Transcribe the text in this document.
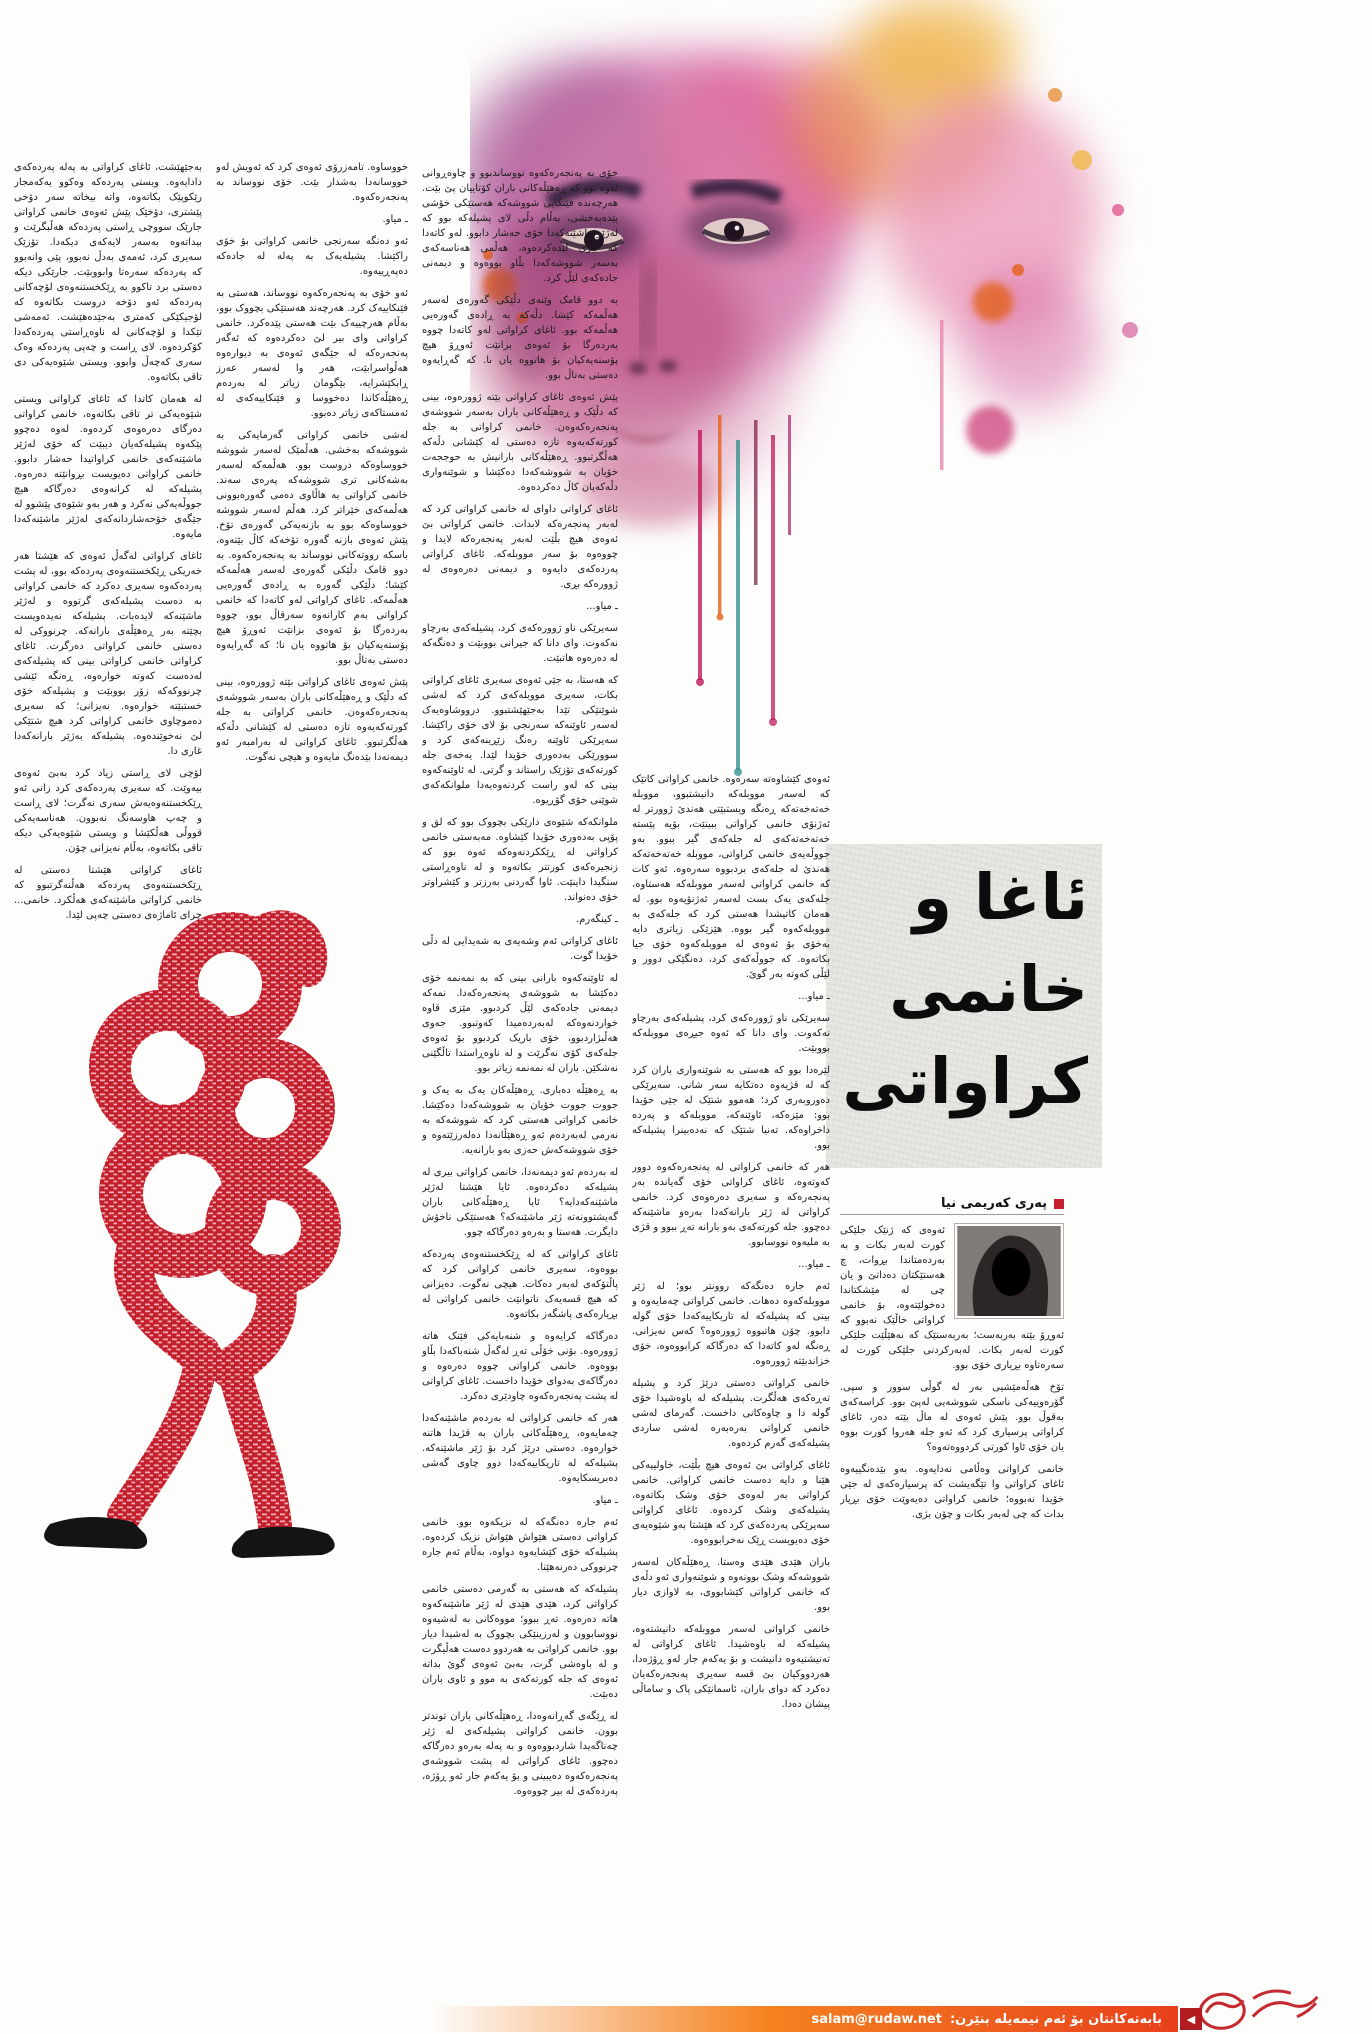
ئاغا و
خانمی
کراواتی

به‌جێهێشت، ئاغای کراواتی به په‌له په‌رده‌که‌ی دادایه‌وه. ویستی په‌رده‌که وه‌کوو یه‌که‌مجار رێکوپێک بکاته‌وه، واته بیخاته سه‌ر دۆخی پێشتری، دۆخێک پێش ئه‌وه‌ی خانمی کراواتی جارێک سووچی ڕاستی په‌رده‌که هه‌ڵبگرێت و بیداته‌وه به‌سه‌ر لایه‌که‌ی دیکه‌دا. تۆزێک سه‌یری کرد، ئه‌مه‌ی به‌دڵ نه‌بوو، پێی وانه‌بوو که په‌رده‌که سه‌ره‌تا وابووبێت. جارێکی دیکه ده‌ستی برد تاکوو به ڕێکخستنه‌وه‌ی لۆچه‌کانی په‌رده‌که ئه‌و دۆخه دروست بکاته‌وه که لۆجیکێکی که‌متری به‌جێده‌هێشت. ئه‌مه‌شی تێکدا و لۆچه‌کانی له ناوه‌ڕاستی په‌رده‌که‌دا کۆکرده‌وه. لای ڕاست و چه‌پی په‌رده‌که وه‌ک سه‌ری که‌چه‌ڵ وابوو. ویستی شێوه‌یه‌کی دی تاقی بکاته‌وه.

له هه‌مان کاتدا که ئاغای کراواتی ویستی شێوه‌یه‌کی تر تاقی بکاته‌وه، خانمی کراواتی ده‌رگای ده‌ره‌وه‌ی کرده‌وه. له‌وه ده‌چوو پێکه‌وه پشیله‌که‌یان دیبێت که خۆی له‌ژێر ماشێنه‌که‌ی خانمی کراواتیدا حه‌شار دابوو. خانمی کراواتی ده‌یویست بڕوانێته ده‌ره‌وه. پشیله‌که له کرانه‌وه‌ی ده‌رگاکه هیچ جووڵه‌یه‌کی نه‌کرد و هه‌ر به‌و شێوه‌ی پێشوو له جێگه‌ی خۆحه‌شاردانه‌که‌ی له‌ژێر ماشێنه‌که‌دا مایه‌وه.

ئاغای کراواتی له‌گه‌ڵ ئه‌وه‌ی که هێشتا هه‌ر خه‌ریکی ڕێکخستنه‌وه‌ی په‌رده‌که بوو، له پشت په‌رده‌که‌وه سه‌یری ده‌کرد که خانمی کراواتی به ده‌ست پشیله‌که‌ی گرتووه و له‌ژێر ماشێنه‌که لایده‌بات. پشیله‌که نه‌یده‌ویست بچێته به‌ر ڕه‌هێڵه‌ی بارانه‌که. چرنووکی له ده‌ستی خانمی کراواتی ده‌رگرت. ئاغای کراواتی خانمی کراواتی بینی که پشیله‌که‌ی له‌ده‌ست که‌وته خواره‌وه، ڕه‌نگه ئێشی چرنووکه‌که زۆر بووبێت و پشیله‌که خۆی خستبێته خواره‌وه. نه‌یزانی؛ که سه‌یری ده‌موچاوی خانمی کراواتی کرد هیچ شتێکی لێ نه‌خوێنده‌وه. پشیله‌که به‌ژێر بارانه‌که‌دا غاری دا.

لۆچی لای ڕاستی زیاد کرد به‌بێ ئه‌وه‌ی بیه‌وێت. که سه‌یری په‌رده‌که‌ی کرد زانی ئه‌و ڕێکخستنه‌وه‌یه‌ش سه‌ری نه‌گرت؛ لای ڕاست و چه‌پ هاوسه‌نگ نه‌بوون. هه‌ناسه‌یه‌کی قووڵی هه‌ڵکێشا و ویستی شێوه‌یه‌کی دیکه تاقی بکاته‌وه، به‌ڵام نه‌یزانی چۆن.

ئاغای کراواتی هێشتا ده‌ستی له ڕێکخستنه‌وه‌ی په‌رده‌که هه‌ڵنه‌گرتبوو که خانمی کراواتی ماشێنه‌که‌ی هه‌ڵکرد. خانمی... چرای ئاماژه‌ی ده‌ستی چه‌پی لێدا.

خووساوه. تامه‌زرۆی ئه‌وه‌ی کرد که ئه‌ویش له‌و خووسانه‌دا به‌شدار بێت. خۆی نووساند به په‌نجه‌ره‌که‌وه.

ـ میاو.

ئه‌و ده‌نگه سه‌رنجی خانمی کراواتی بۆ خۆی راکێشا. پشیله‌یه‌ک به په‌له له جاده‌که ده‌په‌ڕییه‌وه.

ئه‌و خۆی به په‌نجه‌ره‌که‌وه نووساند، هه‌ستی به فێنکاییه‌ک کرد. هه‌رچه‌ند هه‌ستێکی بچووک بوو، به‌ڵام هه‌رچییه‌ک بێت هه‌ستی پێده‌کرد. خانمی کراواتی وای بیر لێ ده‌کرده‌وه که ئه‌گه‌ر په‌نجه‌ره‌که له جێگه‌ی ئه‌وه‌ی به دیواره‌وه هه‌ڵواسرابێت، هه‌ر وا له‌سه‌ر عه‌رز ڕابکێشرایه، بێگومان زیاتر له به‌رده‌م ڕه‌هێڵه‌کاندا ده‌خووسا و فێنکاییه‌که‌ی له ئه‌مستاکه‌ی زیاتر ده‌بوو.

له‌شی خانمی کراواتی گه‌رمایه‌کی به شووشه‌که به‌خشی. هه‌ڵمێک له‌سه‌ر شووشه خووساوه‌که دروست بوو. هه‌ڵمه‌که له‌سه‌ر به‌شه‌کانی تری شووشه‌که په‌ره‌ی سه‌ند. خانمی کراواتی به هاڵاوی ده‌می گه‌وره‌بوونی هه‌ڵمه‌که‌ی خێراتر کرد. هه‌ڵم له‌سه‌ر شووشه خووساوه‌که بوو به بازنه‌یه‌کی گه‌وره‌ی تۆخ. پێش ئه‌وه‌ی بازنه گه‌وره تۆخه‌که کاڵ بێته‌وه، باسکه رووته‌کانی نووساند به په‌نجه‌ره‌که‌وه. به دوو قامک دڵێکی گه‌وره‌ی له‌سه‌ر هه‌ڵمه‌که کێشا؛ دڵێکی گه‌وره به ڕاده‌ی گه‌وره‌یی هه‌ڵمه‌که. ئاغای کراواتی له‌و کاته‌دا که خانمی کراواتی به‌م کارانه‌وه سه‌رقاڵ بوو، چووه به‌رده‌رگا بۆ ئه‌وه‌ی بزانێت ئه‌وڕۆ هیچ پۆسته‌یه‌کیان بۆ هاتووه یان نا؛ که گه‌ڕایه‌وه ده‌ستی به‌تاڵ بوو.

پێش ئه‌وه‌ی ئاغای کراواتی بێته ژووره‌وه، بینی که دڵێک و ڕه‌هێڵه‌کانی باران به‌سه‌ر شووشه‌ی په‌نجه‌ره‌که‌وه‌ن. خانمی کراواتی به جله کورته‌که‌یه‌وه تازه ده‌ستی له کێشانی دڵه‌که هه‌ڵگرتبوو. ئاغای کراواتی له به‌رامبه‌ر ئه‌و دیمه‌نه‌دا بێده‌نگ مایه‌وه و هیچی نه‌گوت.

خۆی به په‌نجه‌ره‌که‌وه نووساندبوو و چاوه‌ڕوانی ئه‌وه بوو که ڕه‌هێڵه‌کانی باران کۆتاییان پێ بێت. هه‌رچه‌نده فێنکایی شووشه‌که هه‌ستێکی خۆشی پێده‌به‌خشی، به‌ڵام دڵی لای پشیله‌که بوو که له‌ژێر ماشێنه‌که‌دا خۆی حه‌شار دابوو. له‌و کاته‌دا که بیری لێده‌کرده‌وه، هه‌ڵمی هه‌ناسه‌که‌ی به‌سه‌ر شووشه‌که‌دا بڵاو بووه‌وه و دیمه‌نی جاده‌که‌ی لێڵ کرد.

به دوو قامک وێنه‌ی دڵێکی گه‌وره‌ی له‌سه‌ر هه‌ڵمه‌که کێشا. دڵه‌که به ڕاده‌ی گه‌وره‌یی هه‌ڵمه‌که بوو. ئاغای کراواتی له‌و کاته‌دا چووه به‌رده‌رگا بۆ ئه‌وه‌ی بزانێت ئه‌وڕۆ هیچ پۆسته‌یه‌کیان بۆ هاتووه یان نا. که گه‌ڕایه‌وه ده‌ستی به‌تاڵ بوو.

پێش ئه‌وه‌ی ئاغای کراواتی بێته ژووره‌وه، بینی که دڵێک و ڕه‌هێڵه‌کانی باران به‌سه‌ر شووشه‌ی په‌نجه‌ره‌که‌وه‌ن. خانمی کراواتی به جله کورته‌که‌یه‌وه تازه ده‌ستی له کێشانی دڵه‌که هه‌ڵگرتبوو. ڕه‌هێڵه‌کانی بارانیش به حوججه‌ت خۆیان به شووشه‌که‌دا ده‌کێشا و شوێنه‌واری دڵه‌که‌یان کاڵ ده‌کرده‌وه.

ئاغای کراواتی داوای له خانمی کراواتی کرد که له‌به‌ر په‌نجه‌ره‌که لابدات. خانمی کراواتی بێ ئه‌وه‌ی هیچ بڵێت له‌به‌ر په‌نجه‌ره‌که لایدا و چووه‌وه بۆ سه‌ر مووبله‌که. ئاغای کراواتی په‌رده‌که‌ی دایه‌وه و دیمه‌نی ده‌ره‌وه‌ی له ژووره‌که بڕی.

ـ میاو...

سه‌یرێکی ناو ژووره‌که‌ی کرد، پشیله‌که‌ی به‌رچاو نه‌که‌وت. وای دانا که جیرانی بووبێت و ده‌نگه‌که له ده‌ره‌وه هاتبێت.

که هه‌ستا، به جێی ئه‌وه‌ی سه‌یری ئاغای کراواتی بکات، سه‌یری مووبله‌که‌ی کرد که له‌شی شوێنێکی تێدا به‌جێهێشتبوو. درووشاوه‌یه‌ک له‌سه‌ر ئاوێنه‌که سه‌رنجی بۆ لای خۆی راکێشا. سه‌یرێکی ئاوێنه ره‌نگ زێڕینه‌که‌ی کرد و سوورێکی به‌ده‌وری خۆیدا لێدا. یه‌خه‌ی جله کورته‌که‌ی تۆزێک راستاند و گرتی. له ئاوێنه‌که‌وه بینی که له‌و راست کردنه‌وه‌یه‌دا ملوانکه‌که‌ی شوێنی خۆی گۆڕیوه.

ملوانکه‌که شێوه‌ی دارێکی بچووک بوو که لق و پۆپی به‌ده‌وری خۆیدا کێشاوه. مه‌به‌ستی خانمی کراواتی له ڕێککردنه‌وه‌که ئه‌وه بوو که زنجیره‌که‌ی کورتتر بکاته‌وه و له ناوه‌ڕاستی سنگیدا داینێت. ئاوا گه‌ردنی به‌رزتر و کێشراوتر خۆی ده‌نواند.

ـ کینگه‌رم.

ئاغای کراواتی ئه‌م وشه‌یه‌ی به شه‌یدایی له دڵی خۆیدا گوت.

له ئاوێنه‌که‌وه بارانی بینی که به نمه‌نمه خۆی ده‌کێشا به شووشه‌ی په‌نجه‌ره‌که‌دا. نمه‌که دیمه‌نی جاده‌که‌ی لێڵ کردبوو. مێزی قاوه خواردنه‌وه‌که له‌به‌رده‌میدا که‌وتبوو. جه‌وی هه‌ڵبژاردبوو، خۆی باریک کردبوو بۆ ئه‌وه‌ی جله‌که‌ی کۆی نه‌گرێت و له ناوه‌ڕاستدا تاڵگێنی نه‌شکێن. باران له نمه‌نمه زیاتر بوو.

به ڕه‌هێڵه ده‌باری. ڕه‌هێڵه‌کان یه‌ک به یه‌ک و جووت جووت خۆیان به شووشه‌که‌دا ده‌کێشا. خانمی کراواتی هه‌ستی کرد که شووشه‌که به نه‌رمی له‌به‌رده‌م ئه‌و ڕه‌هێڵانه‌دا ده‌له‌رزێته‌وه و خۆی شووشه‌که‌ش حه‌زی به‌و بارانه‌یه.

له به‌رده‌م ئه‌و دیمه‌نه‌دا، خانمی کراواتی بیری له پشیله‌که ده‌کرده‌وه. ئایا هێشتا له‌ژێر ماشێنه‌که‌دایه؟ ئایا ڕه‌هێڵه‌کانی باران گه‌یشتوونه‌ته ژێر ماشێنه‌که؟ هه‌ستێکی ناخۆش دایگرت. هه‌ستا و به‌ره‌و ده‌رگاکه چوو.

ئاغای کراواتی که له ڕێکخستنه‌وه‌ی په‌رده‌که بووه‌وه، سه‌یری خانمی کراواتی کرد که پاڵتۆکه‌ی له‌به‌ر ده‌کات. هیچی نه‌گوت. ده‌یزانی که هیچ قسه‌یه‌ک ناتوانێت خانمی کراواتی له بڕیاره‌که‌ی پاشگه‌ز بکاته‌وه.

ده‌رگاکه کرایه‌وه و شنه‌بایه‌کی فێنک هاته ژووره‌وه. بۆنی خۆڵی ته‌ڕ له‌گه‌ڵ شنه‌باکه‌دا بڵاو بووه‌وه. خانمی کراواتی چووه ده‌ره‌وه و ده‌رگاکه‌ی به‌دوای خۆیدا داخست. ئاغای کراواتی له پشت په‌نجه‌ره‌که‌وه چاودێری ده‌کرد.

هه‌ر که خانمی کراواتی له به‌رده‌م ماشێنه‌که‌دا چه‌مایه‌وه، ڕه‌هێڵه‌کانی باران به قژیدا هاتنه خواره‌وه. ده‌ستی درێژ کرد بۆ ژێر ماشێنه‌که. پشیله‌که له تاریکاییه‌که‌دا دوو چاوی گه‌شی ده‌بریسکایه‌وه.

ـ میاو.

ئه‌م جاره ده‌نگه‌که له نزیکه‌وه بوو. خانمی کراواتی ده‌ستی هێواش هێواش نزیک کرده‌وه. پشیله‌که خۆی کێشایه‌وه دواوه، به‌ڵام ئه‌م جاره چرنووکی ده‌رنه‌هێنا.

پشیله‌که که هه‌ستی به گه‌رمی ده‌ستی خانمی کراواتی کرد، هێدی هێدی له ژێر ماشێنه‌که‌وه هاته ده‌ره‌وه. ته‌ڕ ببوو؛ مووه‌کانی به له‌شیه‌وه نووسابوون و له‌رزینێکی بچووک به له‌شیدا دیار بوو. خانمی کراواتی به هه‌ردوو ده‌ست هه‌ڵیگرت و له باوه‌شی گرت، به‌بێ ئه‌وه‌ی گوێ بداته ئه‌وه‌ی که جله کورته‌که‌ی به موو و ئاوی باران ده‌بێت.

له ڕێگه‌ی گه‌ڕانه‌وه‌دا، ڕه‌هێڵه‌کانی باران توندتر بوون. خانمی کراواتی پشیله‌که‌ی له ژێر چه‌ناگه‌یدا شاردبووه‌وه و به په‌له به‌ره‌و ده‌رگاکه ده‌چوو. ئاغای کراواتی له پشت شووشه‌ی په‌نجه‌ره‌که‌وه ده‌یبینی و بۆ یه‌که‌م جار ئه‌و ڕۆژه، په‌رده‌که‌ی له بیر چووه‌وه.

ئه‌وه‌ی کێشاوه‌ته سه‌ره‌وه. خانمی کراواتی کاتێک که له‌سه‌ر مووبله‌که دانیشتبوو، مووبله خه‌ته‌خه‌ته‌که ڕه‌نگه ویستبێتی هه‌ندێ ژوورتر له ئه‌ژنۆی خانمی کراواتی ببینێت، بۆیه پێسته خه‌ته‌خه‌ته‌که‌ی له جله‌که‌ی گیر ببوو. به‌و جووڵه‌یه‌ی خانمی کراواتی، مووبله خه‌ته‌خه‌ته‌که هه‌ندێ له جله‌که‌ی بردبووه سه‌ره‌وه. ئه‌و کات که خانمی کراواتی له‌سه‌ر مووبله‌که هه‌ستاوه، جله‌که‌ی یه‌ک بست له‌سه‌ر ئه‌ژنۆیه‌وه بوو. له هه‌مان کاتیشدا هه‌ستی کرد که جله‌که‌ی به مووبله‌که‌وه گیر بووه. هێزێکی زیاتری دایه به‌خۆی بۆ ئه‌وه‌ی له مووبله‌که‌وه خۆی جیا بکاته‌وه. که جووڵه‌که‌ی کرد، ده‌نگێکی دوور و لێڵی که‌وته به‌ر گوێ.

ـ میاو...

سه‌یرێکی ناو ژووره‌که‌ی کرد، پشیله‌که‌ی به‌رچاو نه‌که‌وت. وای دانا که ئه‌وه جیڕه‌ی مووبله‌که بووبێت.

لێره‌دا بوو که هه‌ستی به شوێنه‌واری باران کرد که له قژیه‌وه ده‌تکایه سه‌ر شانی. سه‌یرێکی ده‌وروبه‌ری کرد؛ هه‌موو شتێک له جێی خۆیدا بوو: مێزه‌که، ئاوێنه‌که، مووبله‌که و په‌رده داخراوه‌که. ته‌نیا شتێک که نه‌ده‌بینرا پشیله‌که بوو.

هه‌ر که خانمی کراواتی له په‌نجه‌ره‌که‌وه دوور که‌وته‌وه، ئاغای کراواتی خۆی گه‌یانده به‌ر په‌نجه‌ره‌که و سه‌یری ده‌ره‌وه‌ی کرد. خانمی کراواتی له ژێر بارانه‌که‌دا به‌ره‌و ماشێنه‌که ده‌چوو. جله کورته‌که‌ی به‌و بارانه ته‌ڕ ببوو و قژی به ملیه‌وه نووسابوو.

ـ میاو...

ئه‌م جاره ده‌نگه‌که روونتر بوو؛ له ژێر مووبله‌که‌وه ده‌هات. خانمی کراواتی چه‌مایه‌وه و بینی که پشیله‌که له تاریکاییه‌که‌دا خۆی گوله دابوو. چۆن هاتبووه ژووره‌وه؟ که‌س نه‌یزانی. ڕه‌نگه له‌و کاته‌دا که ده‌رگاکه کرابووه‌وه، خۆی خزاندبێته ژووره‌وه.

خانمی کراواتی ده‌ستی درێژ کرد و پشیله ته‌ڕه‌که‌ی هه‌ڵگرت. پشیله‌که له باوه‌شیدا خۆی گوله دا و چاوه‌کانی داخست. گه‌رمای له‌شی خانمی کراواتی به‌ره‌به‌ره له‌شی ساردی پشیله‌که‌ی گه‌رم کرده‌وه.

ئاغای کراواتی بێ ئه‌وه‌ی هیچ بڵێت، خاولییه‌کی هێنا و دایه ده‌ست خانمی کراواتی. خانمی کراواتی به‌ر له‌وه‌ی خۆی وشک بکاته‌وه، پشیله‌که‌ی وشک کرده‌وه. ئاغای کراواتی سه‌یرێکی په‌رده‌که‌ی کرد که هێشتا به‌و شێوه‌یه‌ی خۆی ده‌یویست ڕێک نه‌خرابووه‌وه.

باران هێدی هێدی وه‌ستا. ڕه‌هێڵه‌کان له‌سه‌ر شووشه‌که وشک بوونه‌وه و شوێنه‌واری ئه‌و دڵه‌ی که خانمی کراواتی کێشابووی، به لاوازی دیار بوو.

خانمی کراواتی له‌سه‌ر مووبله‌که دانیشته‌وه، پشیله‌که له باوه‌شیدا. ئاغای کراواتی له ته‌نیشتیه‌وه دانیشت و بۆ یه‌که‌م جار له‌و ڕۆژه‌دا، هه‌ردووکیان بێ قسه سه‌یری په‌نجه‌ره‌که‌یان ده‌کرد که دوای باران، ئاسمانێکی پاک و ساماڵی پیشان ده‌دا.

په‌ری که‌ریمی نیا

ئه‌وه‌ی که ژنێک جلێکی کورت له‌به‌ر بکات و به به‌رده‌متاندا بڕوات، چ هه‌ستێکتان ده‌داتێ و یان چی له مێشکتاندا ده‌خولێته‌وه، بۆ خانمی کراواتی خاڵێک نه‌بوو که ئه‌وڕۆ بێته به‌ربه‌ست؛ به‌ربه‌ستێک که نه‌هێڵێت جلێکی کورت له‌به‌ر بکات. له‌به‌رکردنی جلێکی کورت له سه‌ره‌تاوه بڕیاری خۆی بوو.

تۆخ هه‌ڵه‌مێشیی به‌ر له گوڵی سوور و سپی. گۆره‌وییه‌کی ناسکی شووشه‌یی له‌پێ بوو. کراسه‌که‌ی به‌قوڵ بوو. پێش ئه‌وه‌ی له ماڵ بێته ده‌ر، ئاغای کراواتی پرسیاری کرد که ئه‌و جله هه‌روا کورت بووه یان خۆی ئاوا کورتی کردووه‌ته‌وه‌؟

خانمی کراواتی وه‌ڵامی نه‌دایه‌وه. به‌و بێده‌نگییه‌وه ئاغای کراواتی وا تێگه‌یشت که پرسیاره‌که‌ی له جێی خۆیدا نه‌بووه؛ خانمی کراواتی ده‌یه‌وێت خۆی بڕیار بدات که چی له‌به‌ر بکات و چۆن بژی.

بابه‌ته‌کانتان بۆ ئه‌م نیمه‌یله بنێرن:
salam@rudaw.net	◀
